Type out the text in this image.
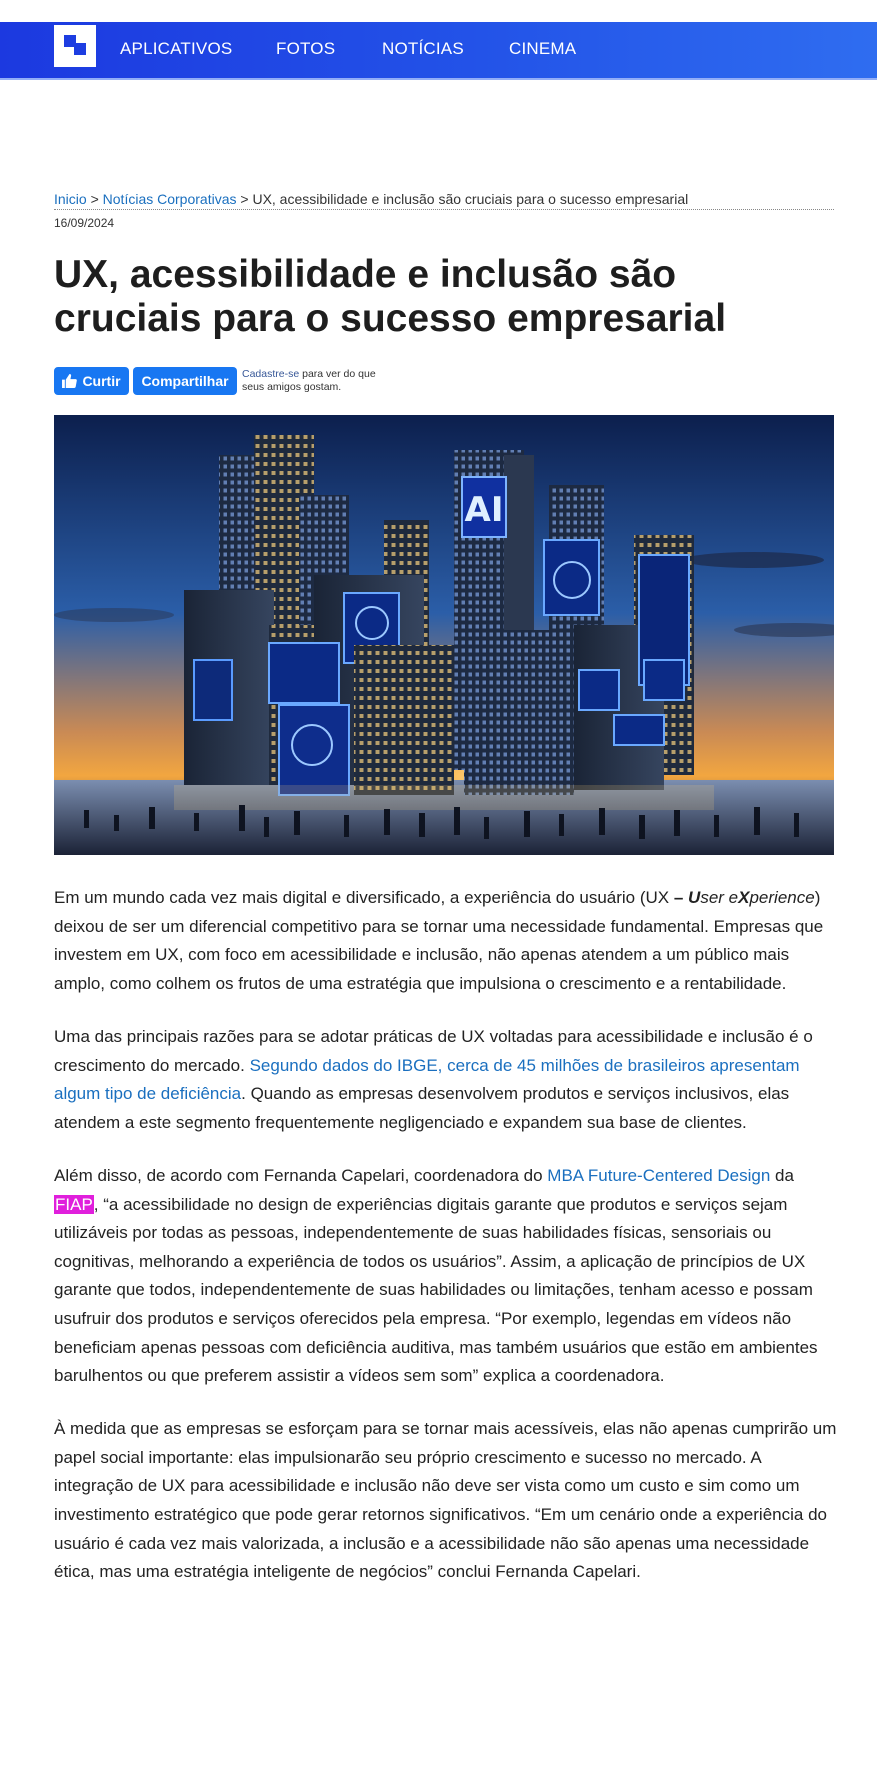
APLICATIVOS	FOTOS	NOTÍCIAS	CINEMA
Inicio > Notícias Corporativas > UX, acessibilidade e inclusão são cruciais para o sucesso empresarial
16/09/2024
UX, acessibilidade e inclusão são cruciais para o sucesso empresarial
Curtir	Compartilhar	Cadastre-se para ver do que seus amigos gostam.
AI

Em um mundo cada vez mais digital e diversificado, a experiência do usuário (UX – User eXperience) deixou de ser um diferencial competitivo para se tornar uma necessidade fundamental. Empresas que investem em UX, com foco em acessibilidade e inclusão, não apenas atendem a um público mais amplo, como colhem os frutos de uma estratégia que impulsiona o crescimento e a rentabilidade.

Uma das principais razões para se adotar práticas de UX voltadas para acessibilidade e inclusão é o crescimento do mercado. Segundo dados do IBGE, cerca de 45 milhões de brasileiros apresentam algum tipo de deficiência. Quando as empresas desenvolvem produtos e serviços inclusivos, elas atendem a este segmento frequentemente negligenciado e expandem sua base de clientes.

Além disso, de acordo com Fernanda Capelari, coordenadora do MBA Future-Centered Design da FIAP, “a acessibilidade no design de experiências digitais garante que produtos e serviços sejam utilizáveis por todas as pessoas, independentemente de suas habilidades físicas, sensoriais ou cognitivas, melhorando a experiência de todos os usuários”. Assim, a aplicação de princípios de UX garante que todos, independentemente de suas habilidades ou limitações, tenham acesso e possam usufruir dos produtos e serviços oferecidos pela empresa. “Por exemplo, legendas em vídeos não beneficiam apenas pessoas com deficiência auditiva, mas também usuários que estão em ambientes barulhentos ou que preferem assistir a vídeos sem som” explica a coordenadora.

À medida que as empresas se esforçam para se tornar mais acessíveis, elas não apenas cumprirão um papel social importante: elas impulsionarão seu próprio crescimento e sucesso no mercado. A integração de UX para acessibilidade e inclusão não deve ser vista como um custo e sim como um investimento estratégico que pode gerar retornos significativos. “Em um cenário onde a experiência do usuário é cada vez mais valorizada, a inclusão e a acessibilidade não são apenas uma necessidade ética, mas uma estratégia inteligente de negócios” conclui Fernanda Capelari.
